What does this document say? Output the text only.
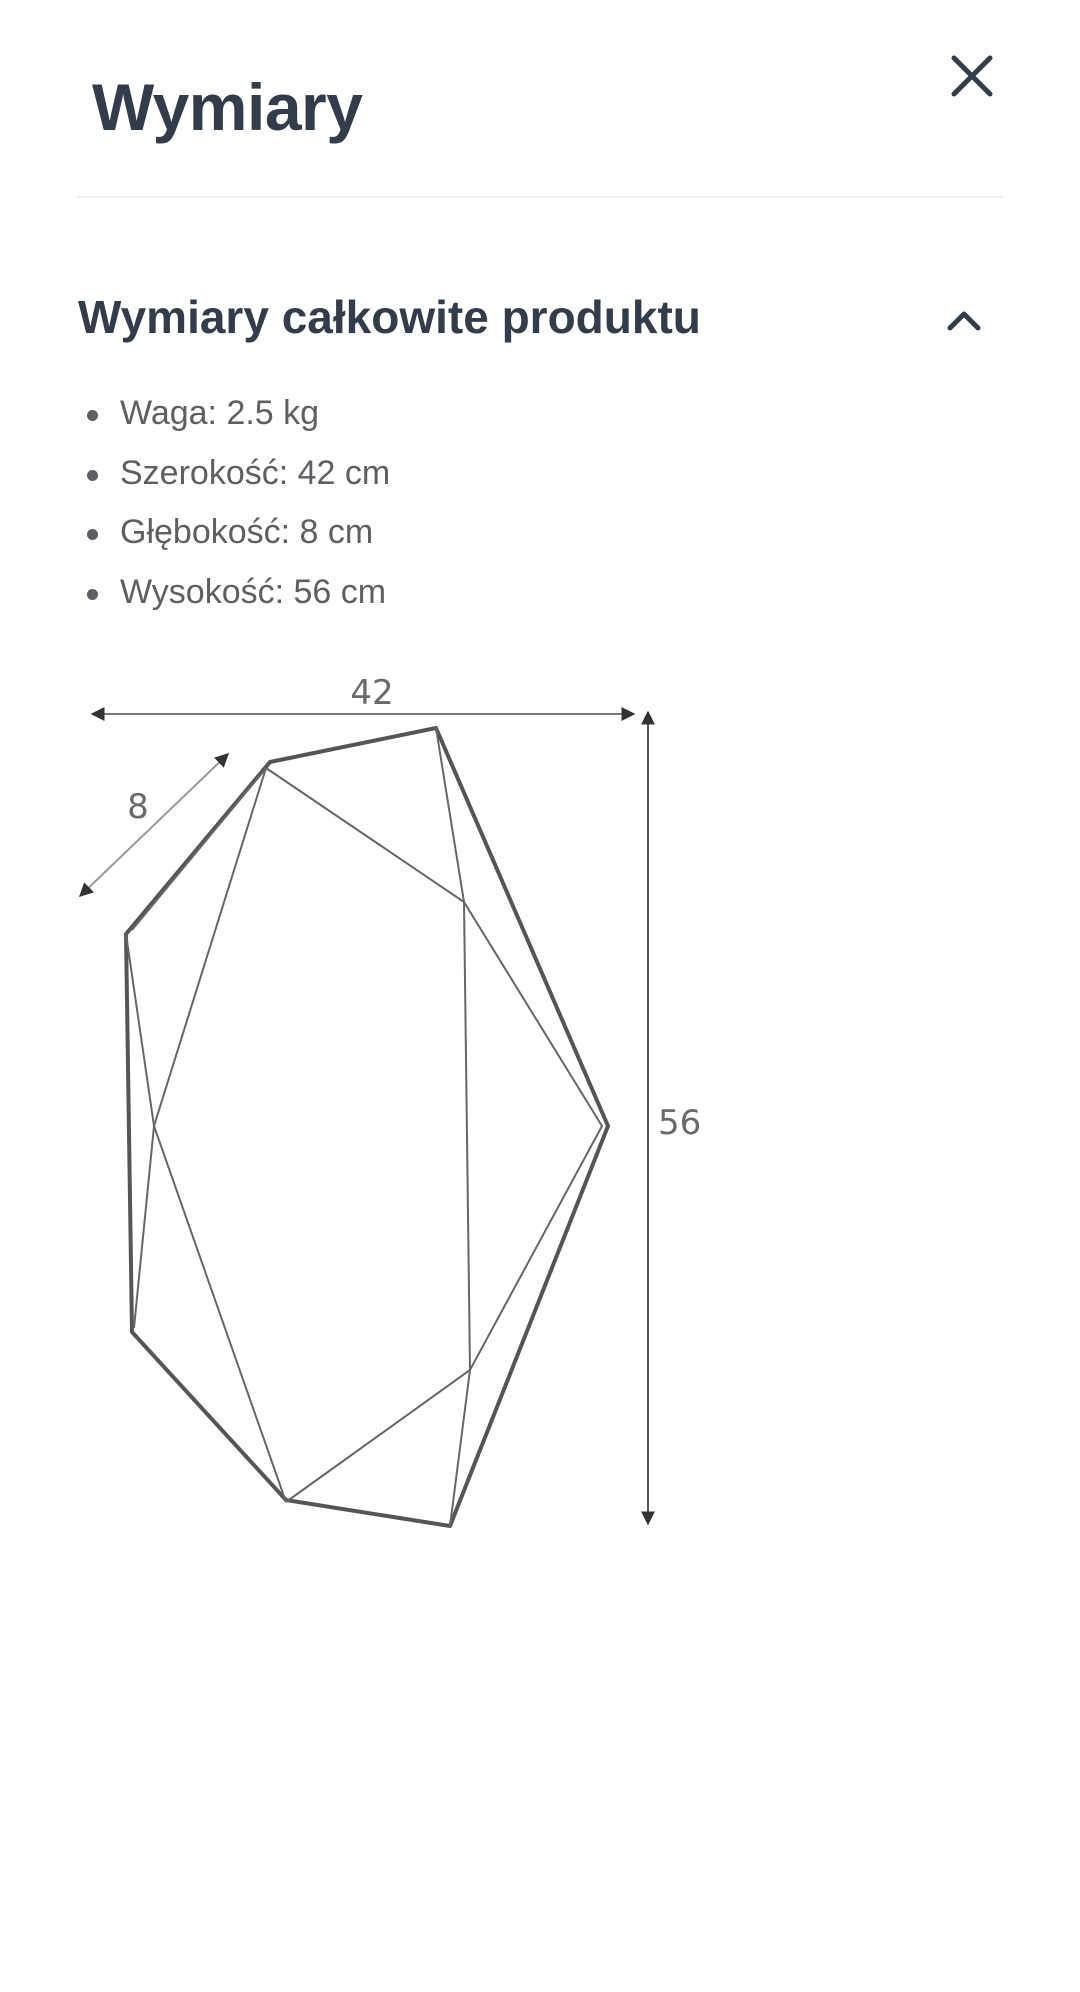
Wymiary
Wymiary całkowite produktu
Waga: 2.5 kg
Szerokość: 42 cm
Głębokość: 8 cm
Wysokość: 56 cm
42
56
8
